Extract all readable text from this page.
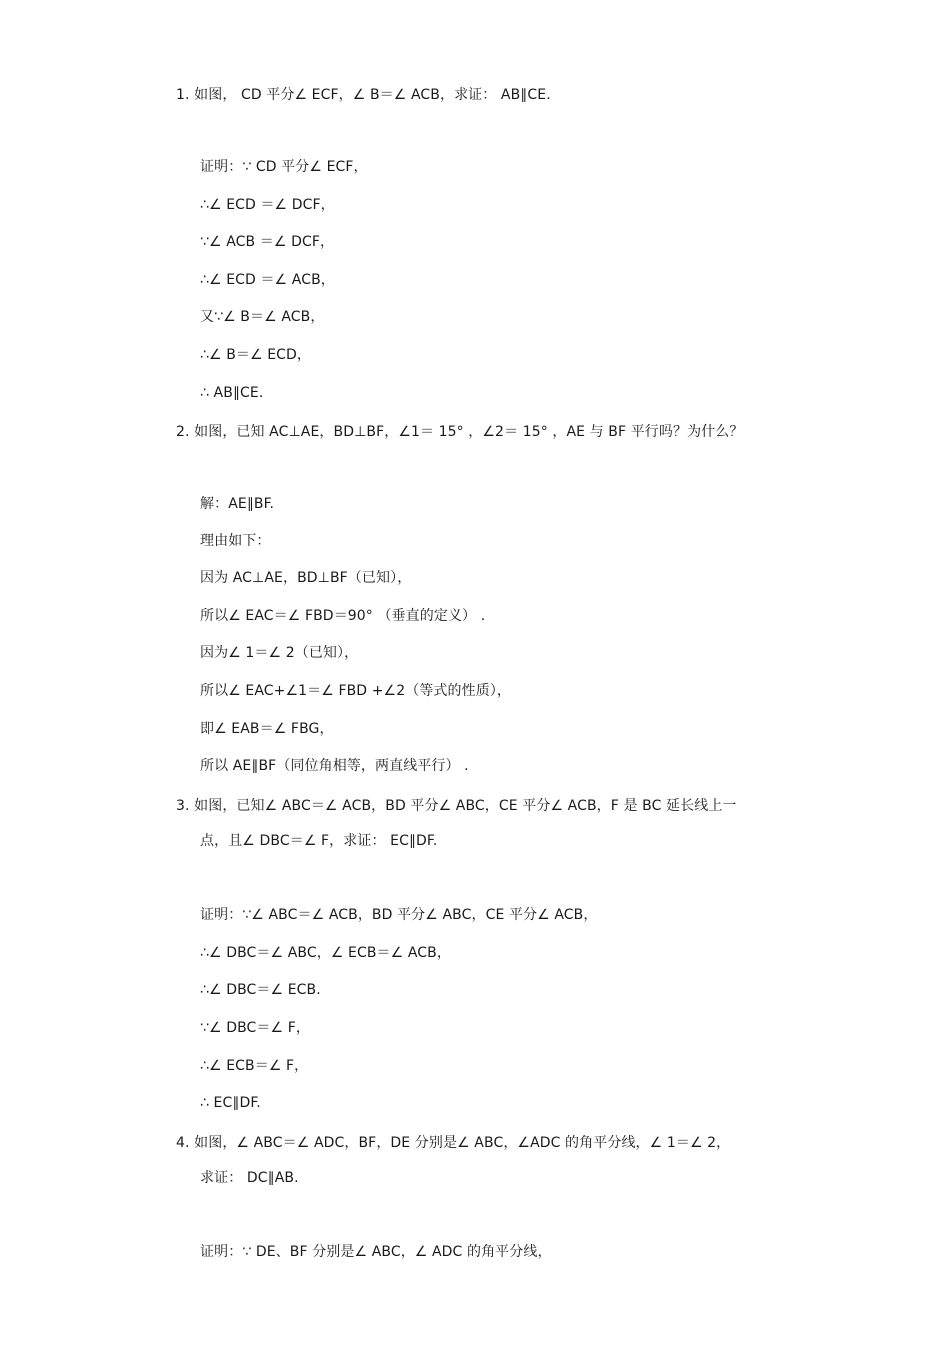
1. 如图， CD 平分∠ ECF，∠ B＝∠ ACB，求证： AB∥CE.
证明：∵ CD 平分∠ ECF，
∴∠ ECD ＝∠ DCF，
∵∠ ACB ＝∠ DCF，
∴∠ ECD ＝∠ ACB，
又∵∠ B＝∠ ACB，
∴∠ B＝∠ ECD，
∴ AB∥CE.
2. 如图，已知 AC⊥AE，BD⊥BF，∠1＝ 15° ，∠2＝ 15° ，AE 与 BF 平行吗？为什么？
解：AE∥BF.
理由如下：
因为 AC⊥AE，BD⊥BF（已知），
所以∠ EAC＝∠ FBD＝90° （垂直的定义） .
因为∠ 1＝∠ 2（已知），
所以∠ EAC+∠1＝∠ FBD +∠2（等式的性质），
即∠ EAB＝∠ FBG，
所以 AE∥BF（同位角相等，两直线平行） .
3. 如图，已知∠ ABC＝∠ ACB，BD 平分∠ ABC，CE 平分∠ ACB，F 是 BC 延长线上一
点，且∠ DBC＝∠ F，求证： EC∥DF.
证明：∵∠ ABC＝∠ ACB，BD 平分∠ ABC，CE 平分∠ ACB，
∴∠ DBC＝∠ ABC，∠ ECB＝∠ ACB，
∴∠ DBC＝∠ ECB.
∵∠ DBC＝∠ F，
∴∠ ECB＝∠ F，
∴ EC∥DF.
4. 如图，∠ ABC＝∠ ADC，BF，DE 分别是∠ ABC，∠ADC 的角平分线，∠ 1＝∠ 2，
求证： DC∥AB.
证明：∵ DE、BF 分别是∠ ABC，∠ ADC 的角平分线，
